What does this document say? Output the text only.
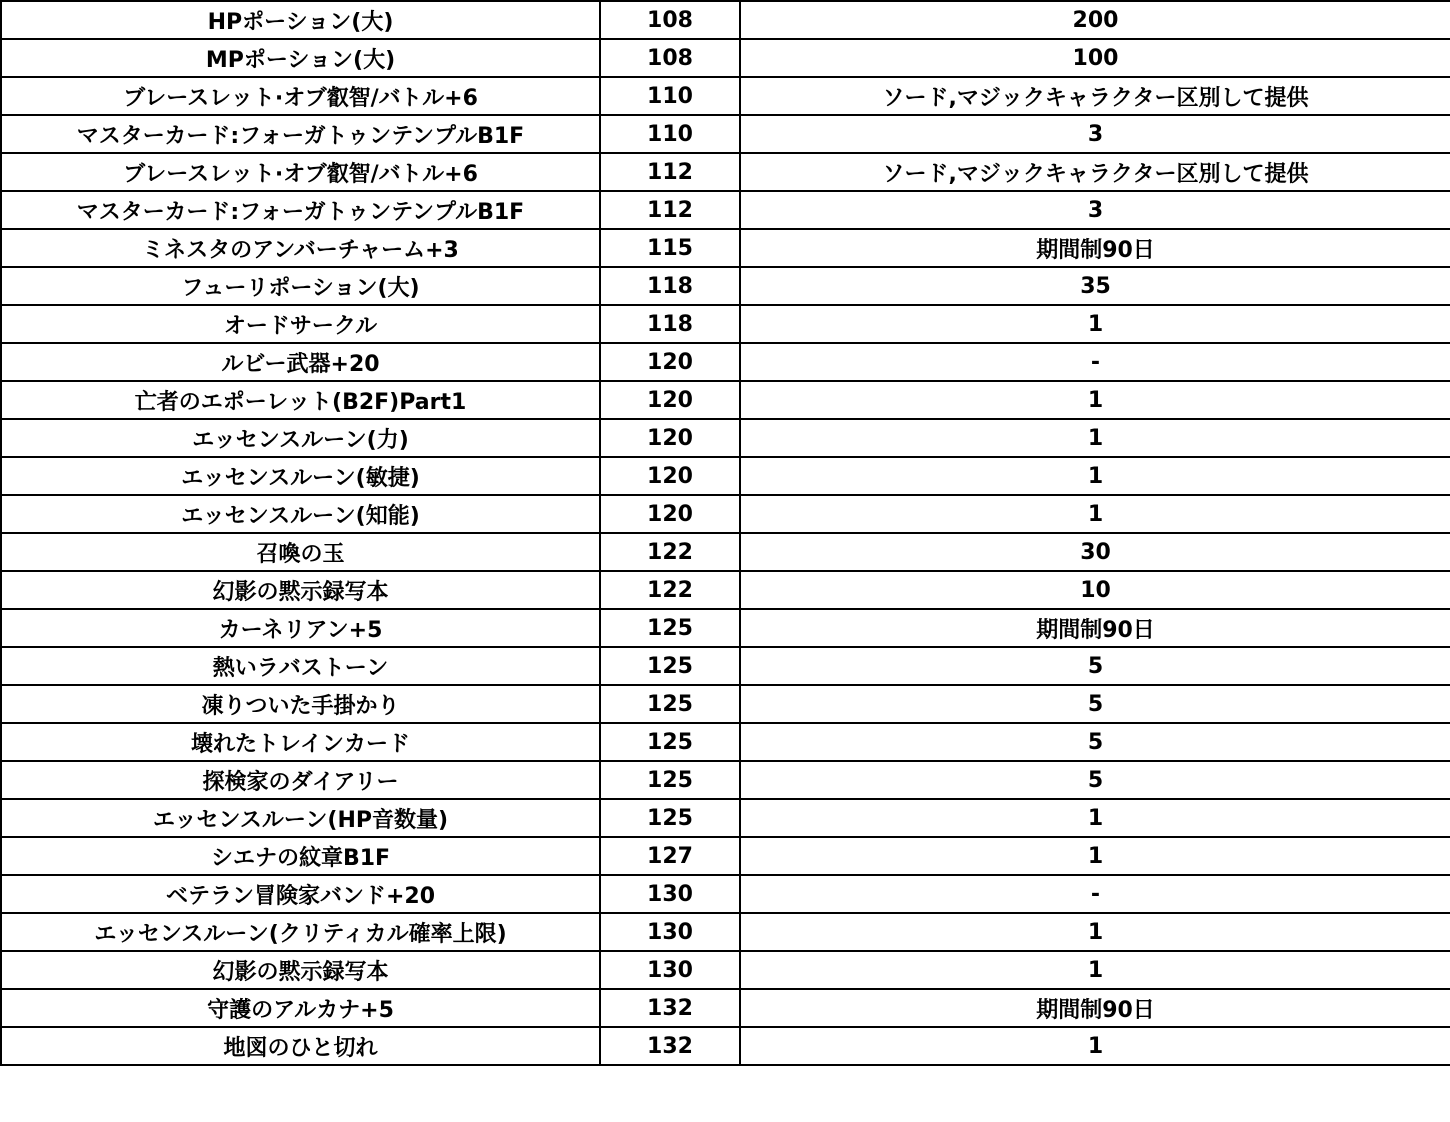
HPポーション(大)	108	200
MPポーション(大)	108	100
ブレースレット·オブ叡智/バトル+6	110	ソード,マジックキャラクター区別して提供
マスターカード:フォーガトゥンテンプルB1F	110	3
ブレースレット·オブ叡智/バトル+6	112	ソード,マジックキャラクター区別して提供
マスターカード:フォーガトゥンテンプルB1F	112	3
ミネスタのアンバーチャーム+3	115	期間制90日
フューリポーション(大)	118	35
オードサークル	118	1
ルビー武器+20	120	-
亡者のエポーレット(B2F)Part1	120	1
エッセンスルーン(力)	120	1
エッセンスルーン(敏捷)	120	1
エッセンスルーン(知能)	120	1
召喚の玉	122	30
幻影の黙示録写本	122	10
カーネリアン+5	125	期間制90日
熱いラバストーン	125	5
凍りついた手掛かり	125	5
壊れたトレインカード	125	5
探検家のダイアリー	125	5
エッセンスルーン(HP音数量)	125	1
シエナの紋章B1F	127	1
ベテラン冒険家バンド+20	130	-
エッセンスルーン(クリティカル確率上限)	130	1
幻影の黙示録写本	130	1
守護のアルカナ+5	132	期間制90日
地図のひと切れ	132	1
